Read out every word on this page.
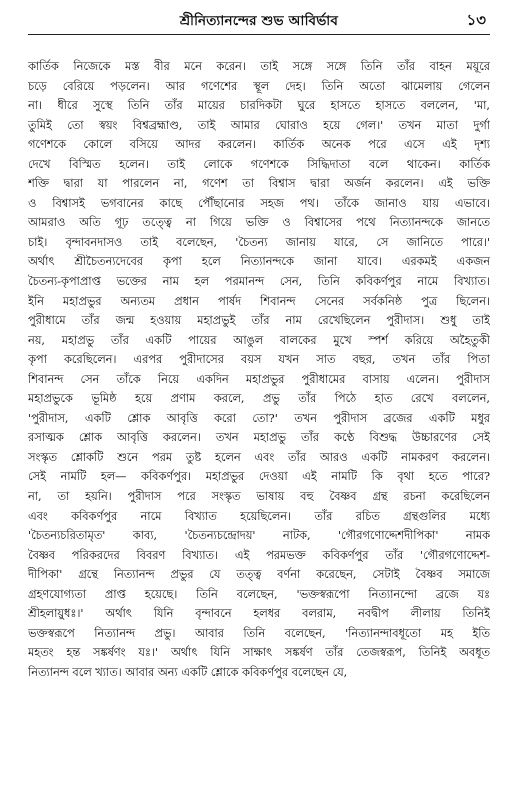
শ্রীনিত্যানন্দের শুভ আবির্ভাব	১৩
কার্তিক নিজেকে মস্ত বীর মনে করেন। তাই সঙ্গে সঙ্গে তিনি তাঁর বাহন ময়ূরে
চড়ে বেরিয়ে পড়লেন। আর গণেশের স্থূল দেহ। তিনি অতো ঝামেলায় গেলেন
না। ধীরে সুস্থে তিনি তাঁর মায়ের চারদিকটা ঘুরে হাসতে হাসতে বললেন, 'মা,
তুমিই তো স্বয়ং বিশ্বব্রহ্মাণ্ড, তাই আমার ঘোরাও হয়ে গেল।' তখন মাতা দুর্গা
গণেশকে কোলে বসিয়ে আদর করলেন। কার্তিক অনেক পরে এসে এই দৃশ্য
দেখে বিস্মিত হলেন। তাই লোকে গণেশকে সিদ্ধিদাতা বলে থাকেন। কার্তিক
শক্তি দ্বারা যা পারলেন না, গণেশ তা বিশ্বাস দ্বারা অর্জন করলেন। এই ভক্তি
ও বিশ্বাসই ভগবানের কাছে পৌঁছানোর সহজ পথ। তাঁকে জানাও যায় এভাবে।
আমরাও অতি গূঢ় তত্ত্বে না গিয়ে ভক্তি ও বিশ্বাসের পথে নিত্যানন্দকে জানতে
চাই। বৃন্দাবনদাসও তাই বলেছেন, 'চৈতন্য জানায় যারে, সে জানিতে পারে।'
অর্থাৎ শ্রীচৈতন্যদেবের কৃপা হলে নিত্যানন্দকে জানা যাবে। এরকমই একজন
চৈতন্য-কৃপাপ্রাপ্ত ভক্তের নাম হল পরমানন্দ সেন, তিনি কবিকর্ণপুর নামে বিখ্যাত।
ইনি মহাপ্রভুর অন্যতম প্রধান পার্ষদ শিবানন্দ সেনের সর্বকনিষ্ঠ পুত্র ছিলেন।
পুরীধামে তাঁর জন্ম হওয়ায় মহাপ্রভুই তাঁর নাম রেখেছিলেন পুরীদাস। শুধু তাই
নয়, মহাপ্রভু তাঁর একটি পায়ের আঙুল বালকের মুখে স্পর্শ করিয়ে অহৈতুকী
কৃপা করেছিলেন। এরপর পুরীদাসের বয়স যখন সাত বছর, তখন তাঁর পিতা
শিবানন্দ সেন তাঁকে নিয়ে একদিন মহাপ্রভুর পুরীধামের বাসায় এলেন। পুরীদাস
মহাপ্রভুকে ভূমিষ্ঠ হয়ে প্রণাম করলে, প্রভু তাঁর পিঠে হাত রেখে বললেন,
'পুরীদাস, একটি শ্লোক আবৃত্তি করো তো?' তখন পুরীদাস ব্রজের একটি মধুর
রসাত্মক শ্লোক আবৃত্তি করলেন। তখন মহাপ্রভু তাঁর কণ্ঠে বিশুদ্ধ উচ্চারণের সেই
সংস্কৃত শ্লোকটি শুনে পরম তুষ্ট হলেন এবং তাঁর আরও একটি নামকরণ করলেন।
সেই নামটি হল— কবিকর্ণপুর। মহাপ্রভুর দেওয়া এই নামটি কি বৃথা হতে পারে?
না, তা হয়নি। পুরীদাস পরে সংস্কৃত ভাষায় বহু বৈষ্ণব গ্রন্থ রচনা করেছিলেন
এবং কবিকর্ণপুর নামে বিখ্যাত হয়েছিলেন। তাঁর রচিত গ্রন্থগুলির মধ্যে
'চৈতন্যচরিতামৃত' কাব্য, 'চৈতন্যচন্দ্রোদয়' নাটক, 'গৌরগণোদ্দেশদীপিকা' নামক
বৈষ্ণব পরিকরদের বিবরণ বিখ্যাত। এই পরমভক্ত কবিকর্ণপুর তাঁর 'গৌরগণোদ্দেশ-
দীপিকা' গ্রন্থে নিত্যানন্দ প্রভুর যে তত্ত্ব বর্ণনা করেছেন, সেটাই বৈষ্ণব সমাজে
গ্রহণযোগ্যতা প্রাপ্ত হয়েছে। তিনি বলেছেন, 'ভক্তস্বরূপো নিত্যানন্দো ব্রজে যঃ
শ্রীহলায়ুধঃ।' অর্থাৎ যিনি বৃন্দাবনে হলধর বলরাম, নবদ্বীপ লীলায় তিনিই
ভক্তস্বরূপে নিত্যানন্দ প্রভু। আবার তিনি বলেছেন, 'নিত্যানন্দাবধূতো মহ ইতি
মহতং হন্ত সঙ্কর্ষণং যঃ।' অর্থাৎ যিনি সাক্ষাৎ সঙ্কর্ষণ তাঁর তেজস্বরূপ, তিনিই অবধূত
নিত্যানন্দ বলে খ্যাত। আবার অন্য একটি শ্লোকে কবিকর্ণপুর বলেছেন যে,
